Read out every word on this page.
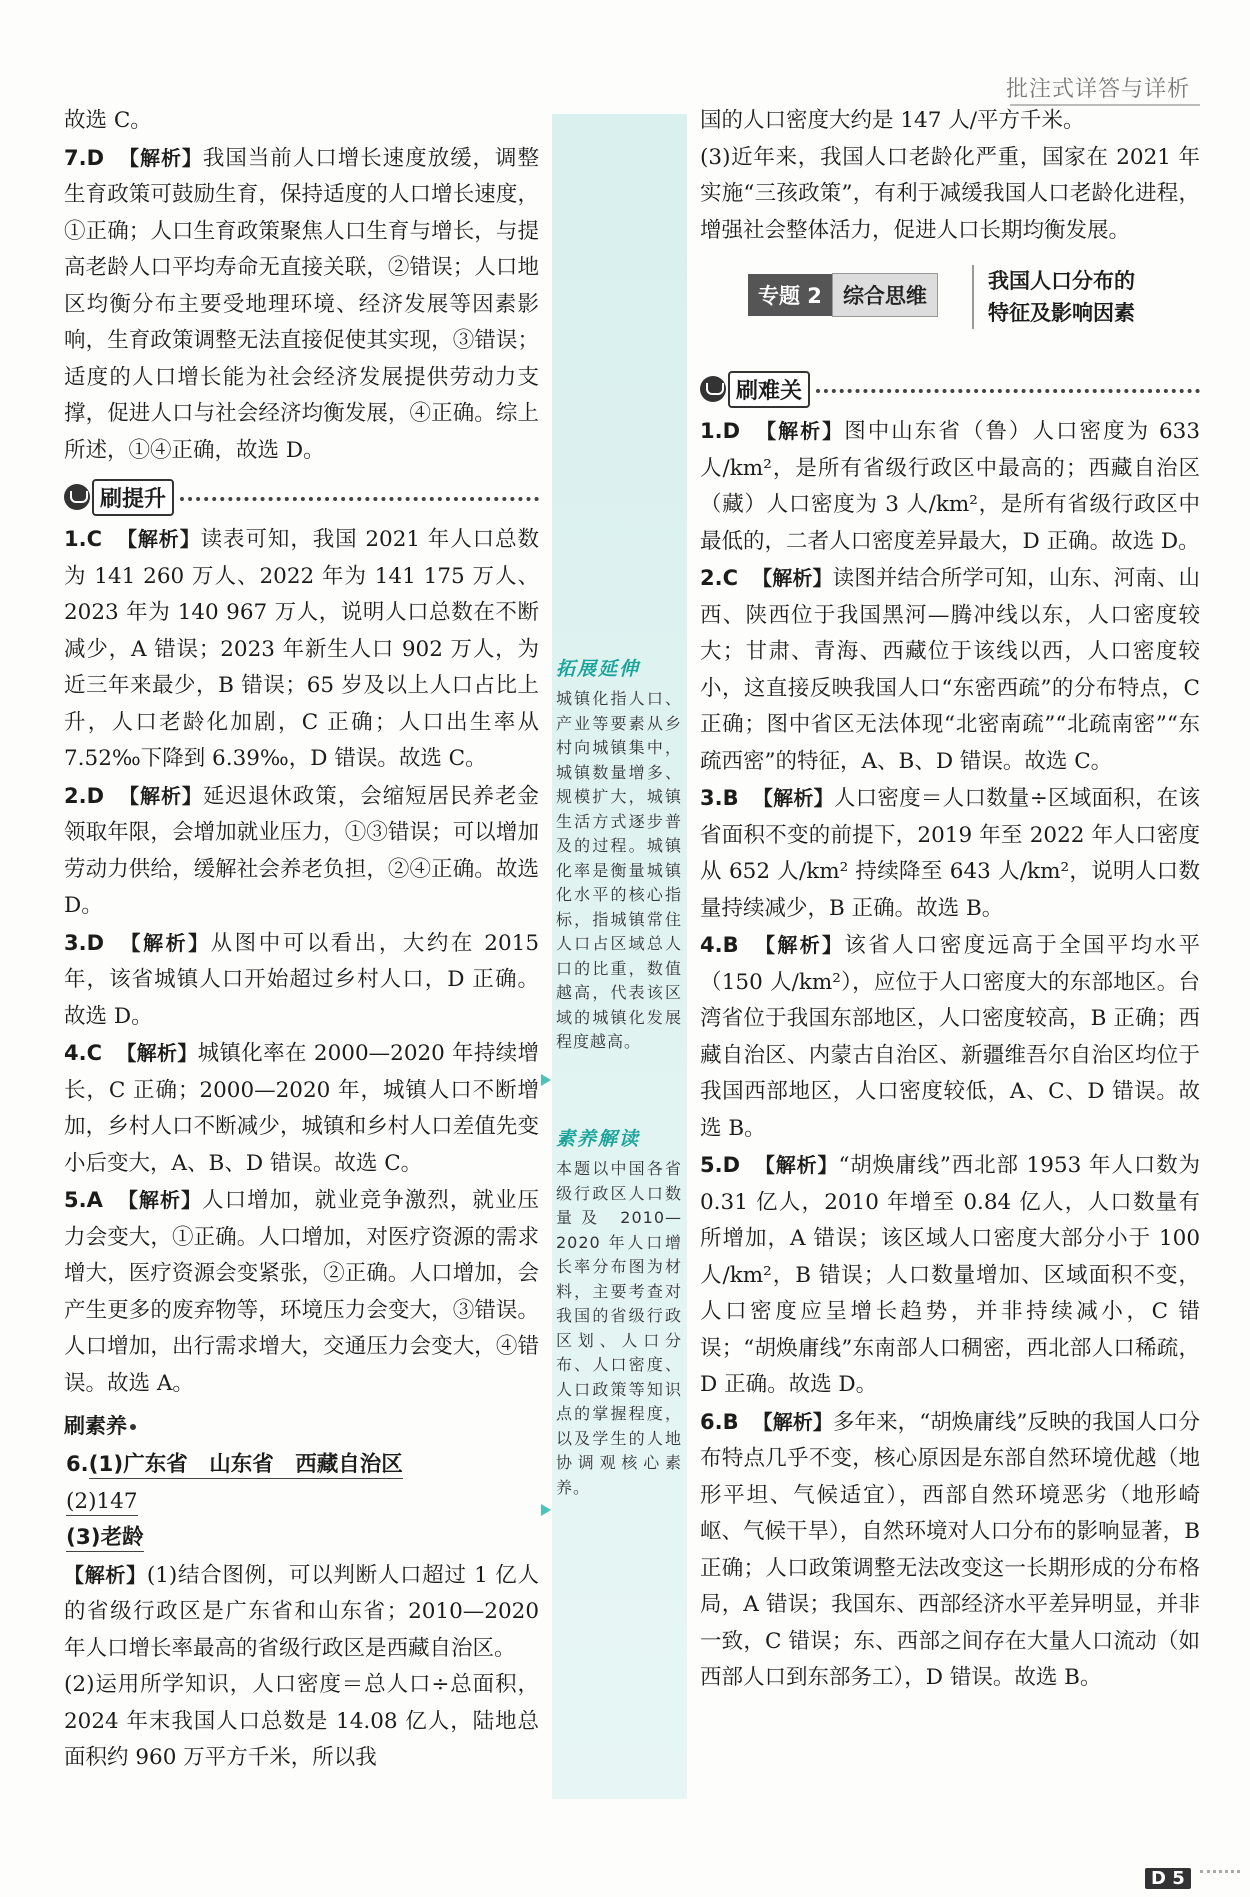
批注式详答与详析
拓展延伸
城镇化指人口、产业等要素从乡村向城镇集中，城镇数量增多、规模扩大，城镇生活方式逐步普及的过程。城镇化率是衡量城镇化水平的核心指标，指城镇常住人口占区域总人口的比重，数值越高，代表该区域的城镇化发展程度越高。
素养解读
本题以中国各省级行政区人口数量及 2010—2020 年人口增长率分布图为材料，主要考查对我国的省级行政区划、人口分布、人口密度、人口政策等知识点的掌握程度，以及学生的人地协调观核心素养。

故选 C。

7.D 【解析】我国当前人口增长速度放缓，调整生育政策可鼓励生育，保持适度的人口增长速度，①正确；人口生育政策聚焦人口生育与增长，与提高老龄人口平均寿命无直接关联，②错误；人口地区均衡分布主要受地理环境、经济发展等因素影响，生育政策调整无法直接促使其实现，③错误；适度的人口增长能为社会经济发展提供劳动力支撑，促进人口与社会经济均衡发展，④正确。综上所述，①④正确，故选 D。

刷提升

1.C 【解析】读表可知，我国 2021 年人口总数为 141 260 万人、2022 年为 141 175 万人、2023 年为 140 967 万人，说明人口总数在不断减少，A 错误；2023 年新生人口 902 万人，为近三年来最少，B 错误；65 岁及以上人口占比上升，人口老龄化加剧，C 正确；人口出生率从 7.52‰下降到 6.39‰，D 错误。故选 C。

2.D 【解析】延迟退休政策，会缩短居民养老金领取年限，会增加就业压力，①③错误；可以增加劳动力供给，缓解社会养老负担，②④正确。故选 D。

3.D 【解析】从图中可以看出，大约在 2015 年，该省城镇人口开始超过乡村人口，D 正确。故选 D。

4.C 【解析】城镇化率在 2000—2020 年持续增长，C 正确；2000—2020 年，城镇人口不断增加，乡村人口不断减少，城镇和乡村人口差值先变小后变大，A、B、D 错误。故选 C。

5.A 【解析】人口增加，就业竞争激烈，就业压力会变大，①正确。人口增加，对医疗资源的需求增大，医疗资源会变紧张，②正确。人口增加，会产生更多的废弃物等，环境压力会变大，③错误。人口增加，出行需求增大，交通压力会变大，④错误。故选 A。

刷素养

6.(1)广东省　山东省　西藏自治区

(2)147

(3)老龄

【解析】(1)结合图例，可以判断人口超过 1 亿人的省级行政区是广东省和山东省；2010—2020 年人口增长率最高的省级行政区是西藏自治区。

(2)运用所学知识，人口密度＝总人口÷总面积，2024 年末我国人口总数是 14.08 亿人，陆地总面积约 960 万平方千米，所以我

国的人口密度大约是 147 人/平方千米。

(3)近年来，我国人口老龄化严重，国家在 2021 年实施“三孩政策”，有利于减缓我国人口老龄化进程，增强社会整体活力，促进人口长期均衡发展。

专题 2	综合思维
我国人口分布的
特征及影响因素
刷难关

1.D 【解析】图中山东省（鲁）人口密度为 633 人/km²，是所有省级行政区中最高的；西藏自治区（藏）人口密度为 3 人/km²，是所有省级行政区中最低的，二者人口密度差异最大，D 正确。故选 D。

2.C 【解析】读图并结合所学可知，山东、河南、山西、陕西位于我国黑河—腾冲线以东，人口密度较大；甘肃、青海、西藏位于该线以西，人口密度较小，这直接反映我国人口“东密西疏”的分布特点，C 正确；图中省区无法体现“北密南疏”“北疏南密”“东疏西密”的特征，A、B、D 错误。故选 C。

3.B 【解析】人口密度＝人口数量÷区域面积，在该省面积不变的前提下，2019 年至 2022 年人口密度从 652 人/km² 持续降至 643 人/km²，说明人口数量持续减少，B 正确。故选 B。

4.B 【解析】该省人口密度远高于全国平均水平（150 人/km²），应位于人口密度大的东部地区。台湾省位于我国东部地区，人口密度较高，B 正确；西藏自治区、内蒙古自治区、新疆维吾尔自治区均位于我国西部地区，人口密度较低，A、C、D 错误。故选 B。

5.D 【解析】“胡焕庸线”西北部 1953 年人口数为 0.31 亿人，2010 年增至 0.84 亿人，人口数量有所增加，A 错误；该区域人口密度大部分小于 100 人/km²，B 错误；人口数量增加、区域面积不变，人口密度应呈增长趋势，并非持续减小，C 错误；“胡焕庸线”东南部人口稠密，西北部人口稀疏，D 正确。故选 D。

6.B 【解析】多年来，“胡焕庸线”反映的我国人口分布特点几乎不变，核心原因是东部自然环境优越（地形平坦、气候适宜），西部自然环境恶劣（地形崎岖、气候干旱），自然环境对人口分布的影响显著，B 正确；人口政策调整无法改变这一长期形成的分布格局，A 错误；我国东、西部经济水平差异明显，并非一致，C 错误；东、西部之间存在大量人口流动（如西部人口到东部务工），D 错误。故选 B。

D 5
